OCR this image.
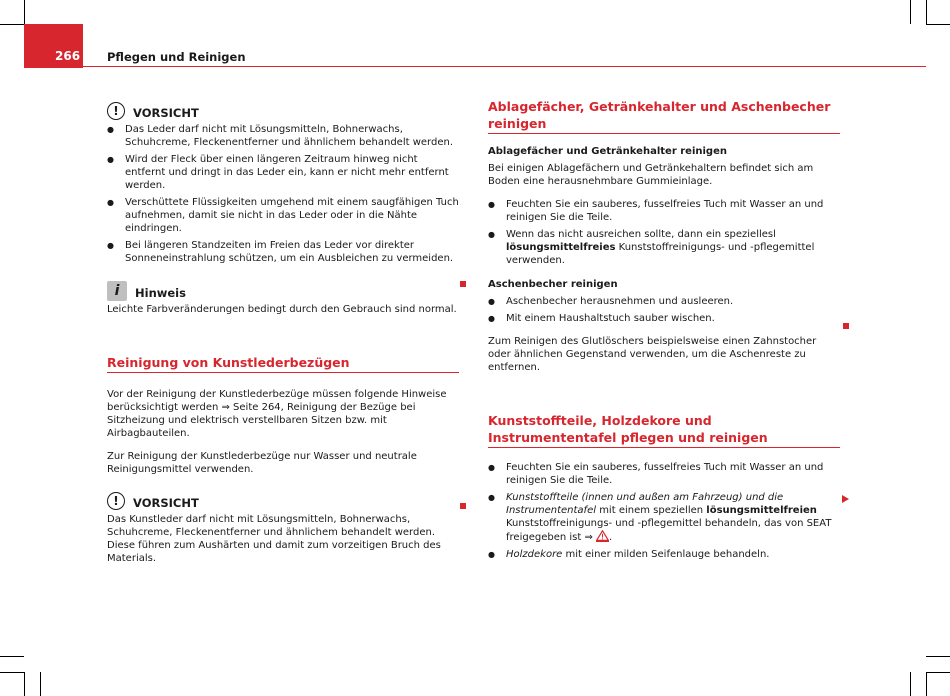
266 Pflegen und Reinigen
!	VORSICHT

● Das Leder darf nicht mit Lösungsmitteln, Bohnerwachs, Schuhcreme, Fleckenentferner und ähnlichem behandelt werden.

● Wird der Fleck über einen längeren Zeitraum hinweg nicht entfernt und dringt in das Leder ein, kann er nicht mehr entfernt werden.

● Verschüttete Flüssigkeiten umgehend mit einem saugfähigen Tuch aufnehmen, damit sie nicht in das Leder oder in die Nähte eindringen.

● Bei längeren Standzeiten im Freien das Leder vor direkter Sonneneinstrahlung schützen, um ein Ausbleichen zu vermeiden.

i	Hinweis

Leichte Farbveränderungen bedingt durch den Gebrauch sind normal.

Reinigung von Kunstlederbezügen

Vor der Reinigung der Kunstlederbezüge müssen folgende Hinweise berücksichtigt werden ⇒ Seite 264, Reinigung der Bezüge bei Sitzheizung und elektrisch verstellbaren Sitzen bzw. mit Airbagbauteilen.

Zur Reinigung der Kunstlederbezüge nur Wasser und neutrale Reinigungsmittel verwenden.

!	VORSICHT

Das Kunstleder darf nicht mit Lösungsmitteln, Bohnerwachs, Schuhcreme, Fleckenentferner und ähnlichem behandelt werden. Diese führen zum Aushärten und damit zum vorzeitigen Bruch des Materials.

Ablagefächer, Getränkehalter und Aschenbecher reinigen

Ablagefächer und Getränkehalter reinigen

Bei einigen Ablagefächern und Getränkehaltern befindet sich am Boden eine herausnehmbare Gummieinlage.

● Feuchten Sie ein sauberes, fusselfreies Tuch mit Wasser an und reinigen Sie die Teile.

● Wenn das nicht ausreichen sollte, dann ein speziellesl lösungsmittelfreies Kunststoffreinigungs- und -pflegemittel verwenden.

Aschenbecher reinigen

● Aschenbecher herausnehmen und ausleeren.

● Mit einem Haushaltstuch sauber wischen.

Zum Reinigen des Glutlöschers beispielsweise einen Zahnstocher oder ähnlichen Gegenstand verwenden, um die Aschenreste zu entfernen.

Kunststoffteile, Holzdekore und Instrumententafel pflegen und reinigen

● Feuchten Sie ein sauberes, fusselfreies Tuch mit Wasser an und reinigen Sie die Teile.

● Kunststoffteile (innen und außen am Fahrzeug) und die Instrumententafel mit einem speziellen lösungsmittelfreien Kunststoffreinigungs- und -pflegemittel behandeln, das von SEAT freigegeben ist ⇒
.

● Holzdekore mit einer milden Seifenlauge behandeln.
